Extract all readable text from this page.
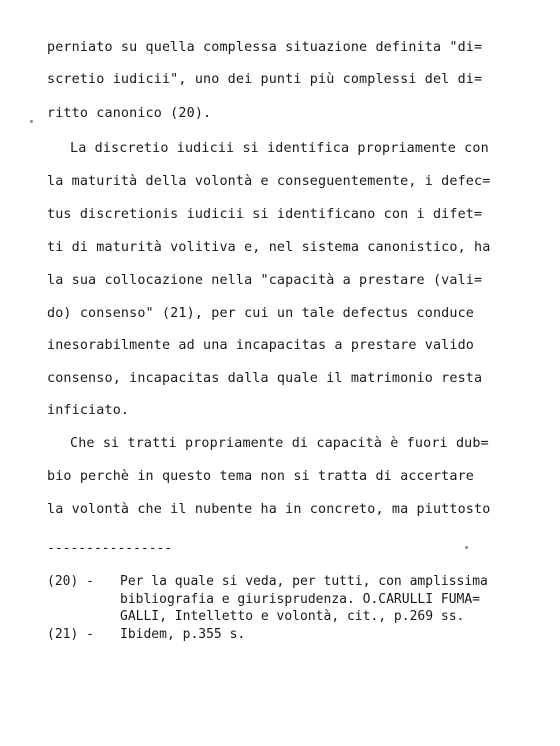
perniato su quella complessa situazione definita "di=
scretio iudicii", uno dei punti più complessi del di=
ritto canonico (20).
La discretio iudicii si identifica propriamente con
la maturità della volontà e conseguentemente, i defec=
tus discretionis iudicii si identificano con i difet=
ti di maturità volitiva e, nel sistema canonistico, ha
la sua collocazione nella "capacità a prestare (vali=
do) consenso" (21), per cui un tale defectus conduce
inesorabilmente ad una incapacitas a prestare valido
consenso, incapacitas dalla quale il matrimonio resta
inficiato.
Che si tratti propriamente di capacità è fuori dub=
bio perchè in questo tema non si tratta di accertare
la volontà che il nubente ha in concreto, ma piuttosto
----------------
(20) - Per la quale si veda, per tutti, con amplissima
bibliografia e giurisprudenza. O.CARULLI FUMA=
GALLI, Intelletto e volontà, cit., p.269 ss.
(21) - Ibidem, p.355 s.
